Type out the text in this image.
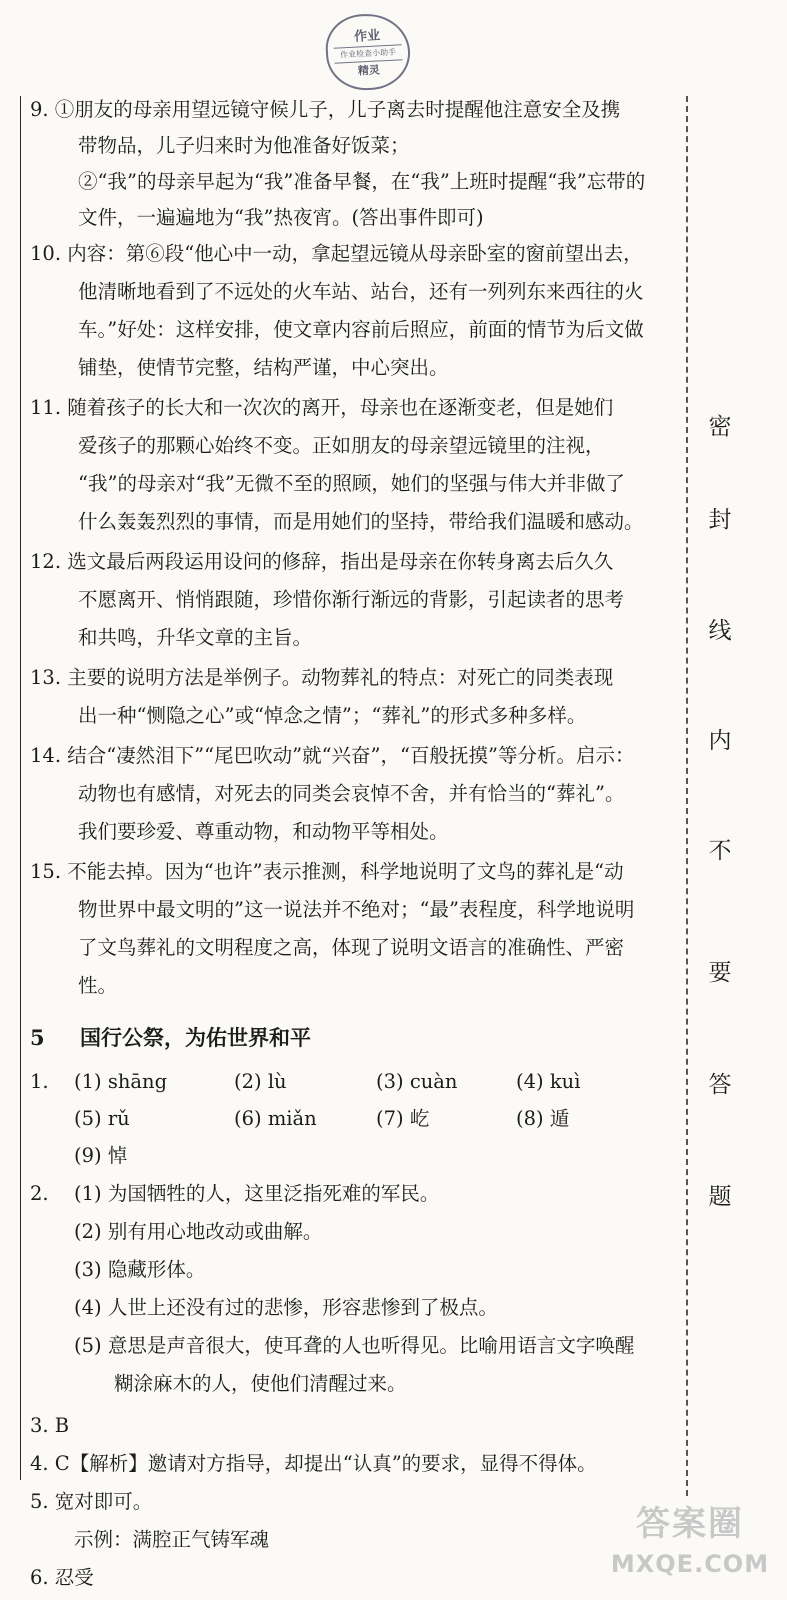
作业
作业检查小助手
精灵
密
封
线
内
不
要
答
题
9. ①朋友的母亲用望远镜守候儿子，儿子离去时提醒他注意安全及携
带物品，儿子归来时为他准备好饭菜；
②“我”的母亲早起为“我”准备早餐，在“我”上班时提醒“我”忘带的
文件，一遍遍地为“我”热夜宵。(答出事件即可)
10. 内容：第⑥段“他心中一动，拿起望远镜从母亲卧室的窗前望出去，
他清晰地看到了不远处的火车站、站台，还有一列列东来西往的火
车。”好处：这样安排，使文章内容前后照应，前面的情节为后文做
铺垫，使情节完整，结构严谨，中心突出。
11. 随着孩子的长大和一次次的离开，母亲也在逐渐变老，但是她们
爱孩子的那颗心始终不变。正如朋友的母亲望远镜里的注视，
“我”的母亲对“我”无微不至的照顾，她们的坚强与伟大并非做了
什么轰轰烈烈的事情，而是用她们的坚持，带给我们温暖和感动。
12. 选文最后两段运用设问的修辞，指出是母亲在你转身离去后久久
不愿离开、悄悄跟随，珍惜你渐行渐远的背影，引起读者的思考
和共鸣，升华文章的主旨。
13. 主要的说明方法是举例子。动物葬礼的特点：对死亡的同类表现
出一种“恻隐之心”或“悼念之情”；“葬礼”的形式多种多样。
14. 结合“凄然泪下”“尾巴吹动”就“兴奋”，“百般抚摸”等分析。启示：
动物也有感情，对死去的同类会哀悼不舍，并有恰当的“葬礼”。
我们要珍爱、尊重动物，和动物平等相处。
15. 不能去掉。因为“也许”表示推测，科学地说明了文鸟的葬礼是“动
物世界中最文明的”这一说法并不绝对；“最”表程度，科学地说明
了文鸟葬礼的文明程度之高，体现了说明文语言的准确性、严密
性。
5 国行公祭，为佑世界和平
1. (1) shāng	(2) lù	(3) cuàn	(4) kuì
(5) rǔ	(6) miǎn	(7) 屹	(8) 遁
(9) 悼
2. (1) 为国牺牲的人，这里泛指死难的军民。
(2) 别有用心地改动或曲解。
(3) 隐藏形体。
(4) 人世上还没有过的悲惨，形容悲惨到了极点。
(5) 意思是声音很大，使耳聋的人也听得见。比喻用语言文字唤醒
糊涂麻木的人，使他们清醒过来。
3. B
4. C【解析】邀请对方指导，却提出“认真”的要求，显得不得体。
5. 宽对即可。
示例：满腔正气铸军魂
6. 忍受
答案圈
MXQE.COM
